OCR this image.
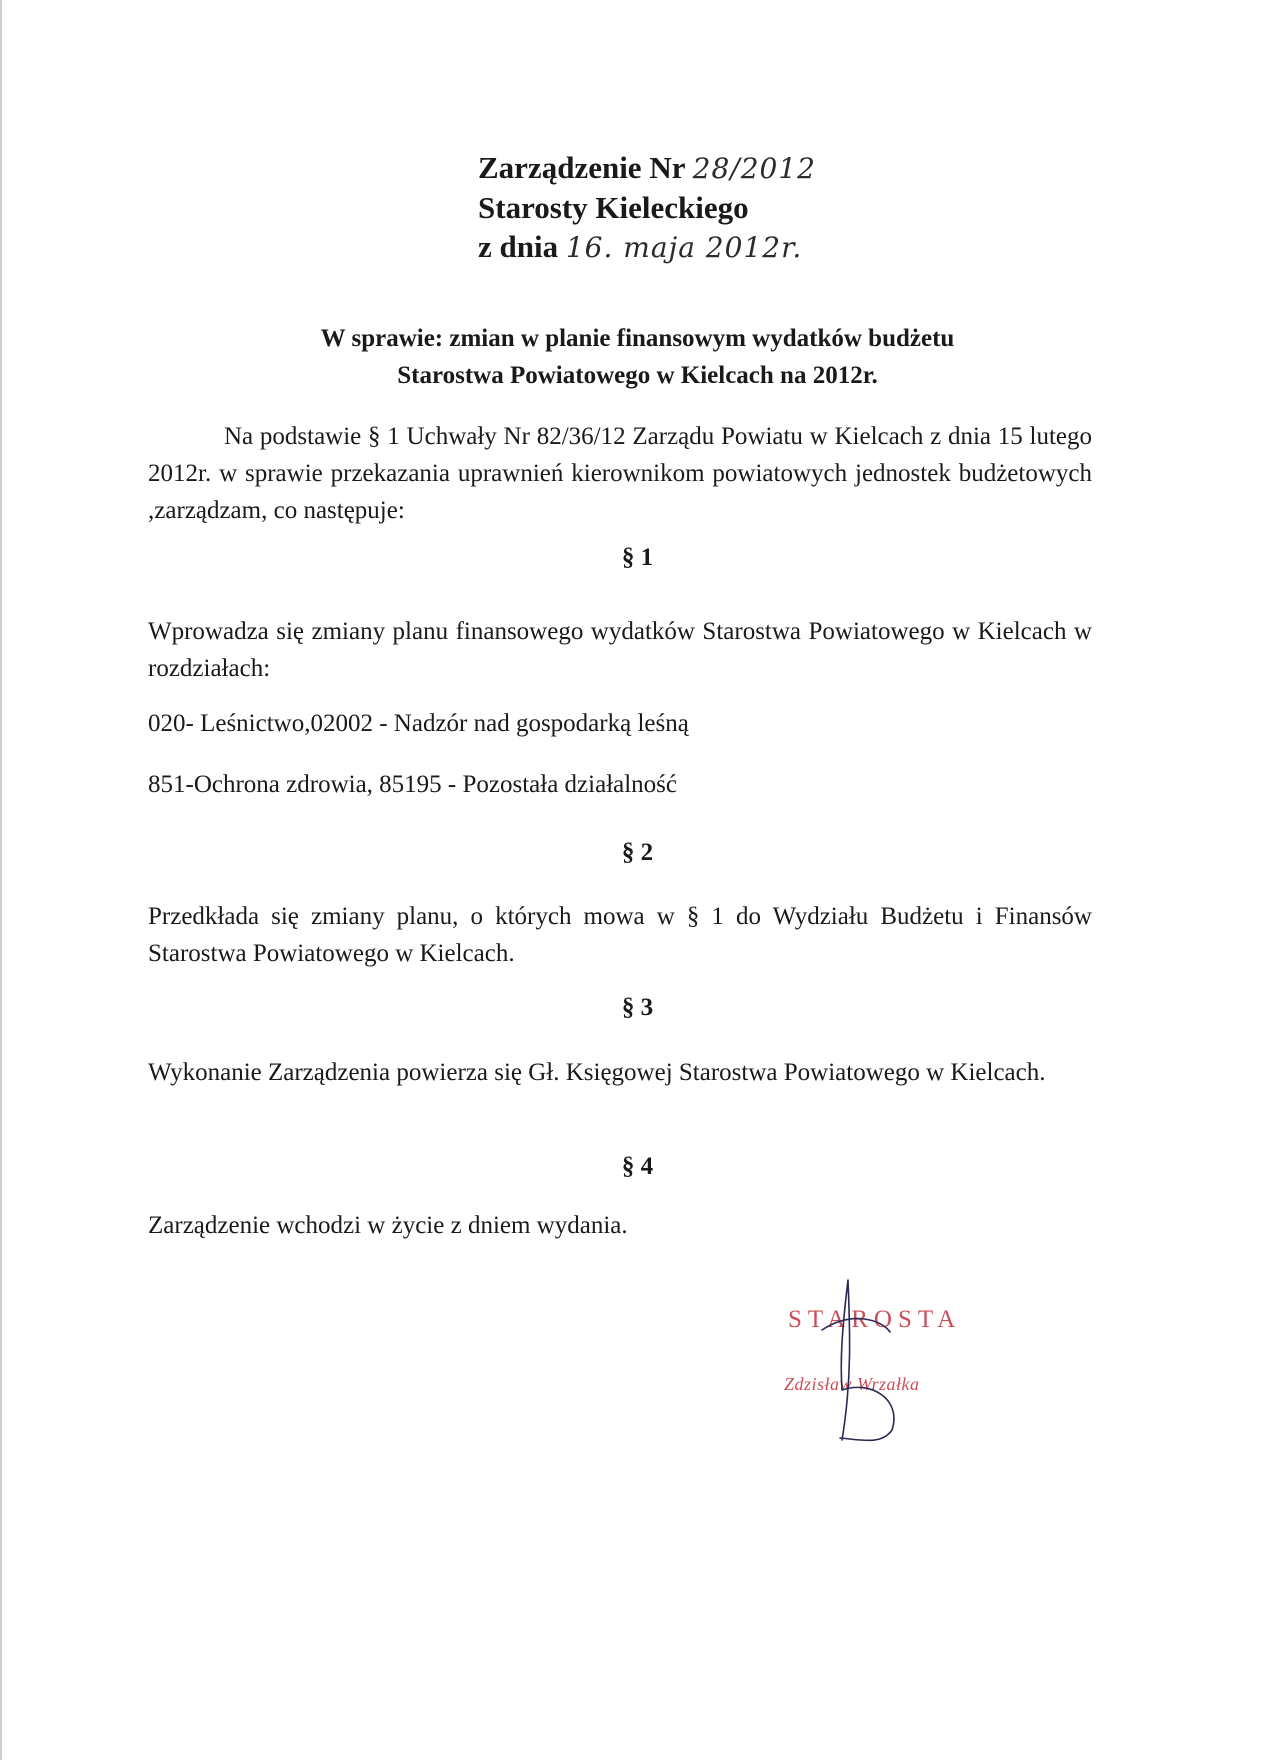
Zarządzenie Nr 28/2012
Starosty Kieleckiego
z dnia 16. maja 2012r.
W sprawie: zmian w planie finansowym wydatków budżetu
Starostwa Powiatowego w Kielcach na 2012r.
Na podstawie § 1 Uchwały Nr 82/36/12 Zarządu Powiatu w Kielcach z dnia 15 lutego 2012r. w sprawie przekazania uprawnień kierownikom powiatowych jednostek budżetowych ,zarządzam, co następuje:
§ 1
Wprowadza się zmiany planu finansowego wydatków Starostwa Powiatowego w Kielcach w rozdziałach:
020- Leśnictwo,02002 - Nadzór nad gospodarką leśną
851-Ochrona zdrowia, 85195 - Pozostała działalność
§ 2
Przedkłada się zmiany planu, o których mowa w § 1 do Wydziału Budżetu i Finansów Starostwa Powiatowego w Kielcach.
§ 3
Wykonanie Zarządzenia powierza się Gł. Księgowej Starostwa Powiatowego w Kielcach.
§ 4
Zarządzenie wchodzi w życie z dniem wydania.
STAROSTA
Zdzisław Wrzałka
